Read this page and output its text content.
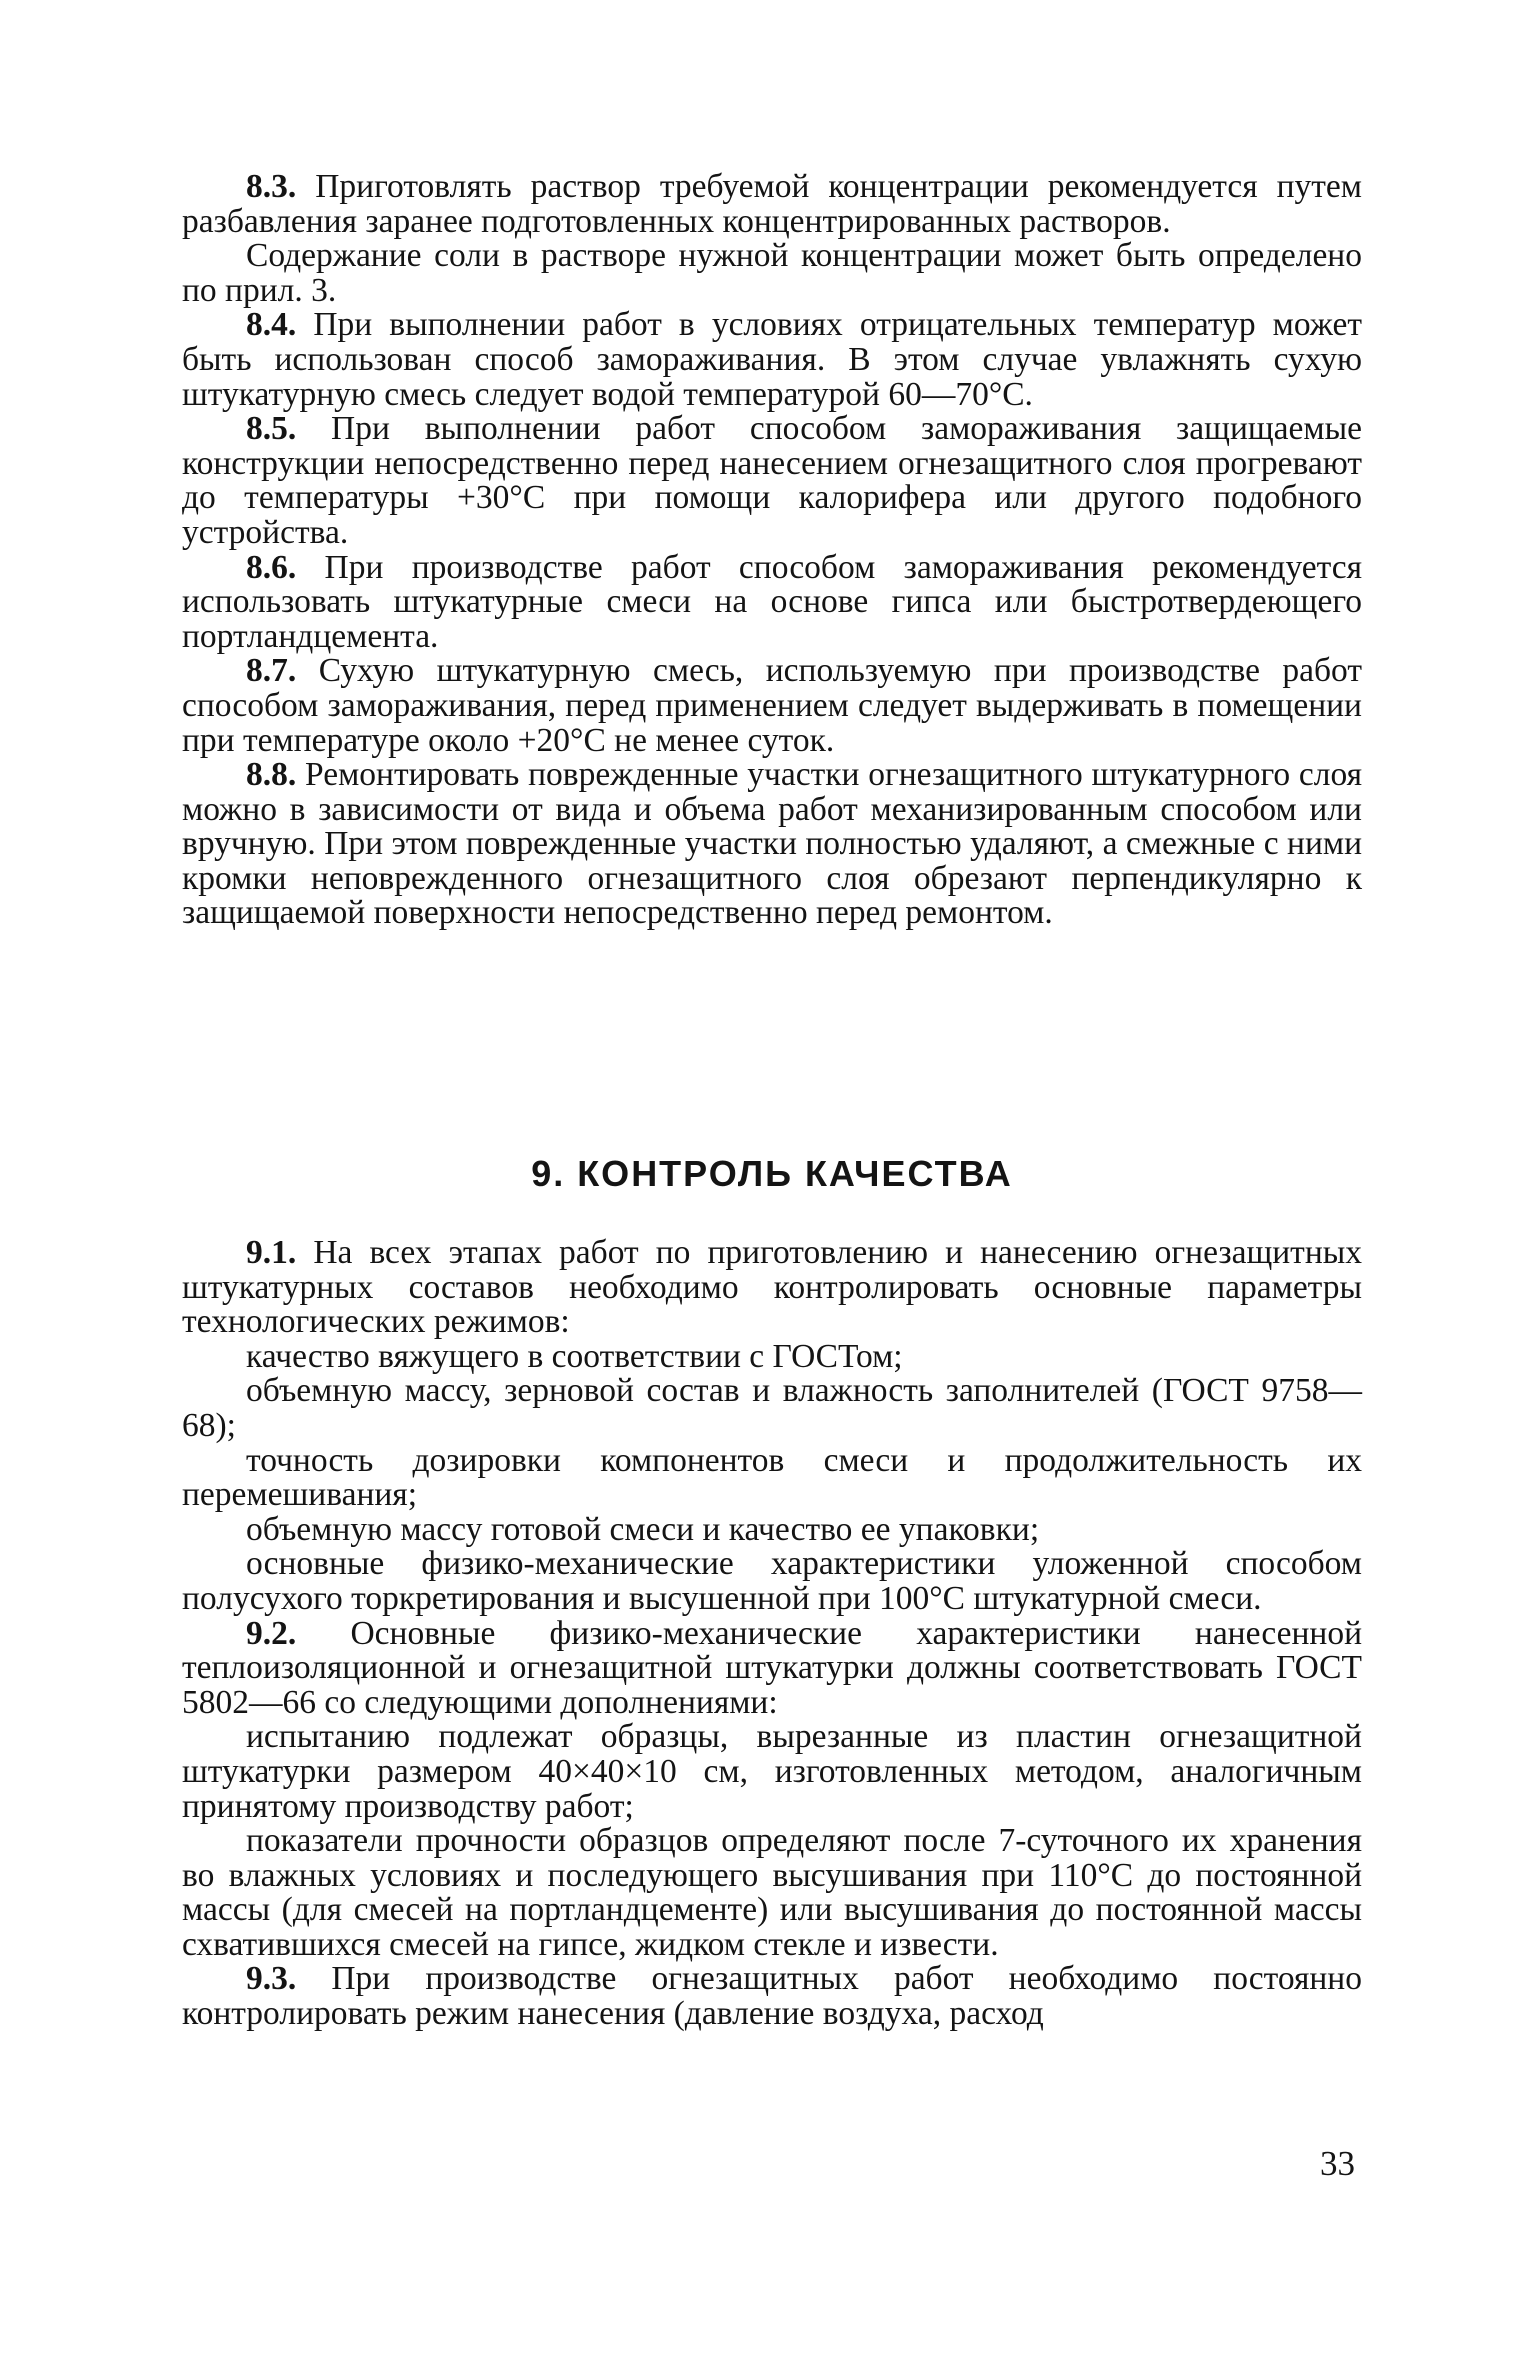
8.3. Приготовлять раствор требуемой концентрации рекомендуется путем разбавления заранее подготовленных концентрированных растворов.

Содержание соли в растворе нужной концентрации может быть определено по прил. 3.

8.4. При выполнении работ в условиях отрицательных температур может быть использован способ замораживания. В этом случае увлажнять сухую штукатурную смесь следует водой температурой 60—70°С.

8.5. При выполнении работ способом замораживания защищаемые конструкции непосредственно перед нанесением огнезащитного слоя прогревают до температуры +30°С при помощи калорифера или другого подобного устройства.

8.6. При производстве работ способом замораживания рекомендуется использовать штукатурные смеси на основе гипса или быстротвердеющего портландцемента.

8.7. Сухую штукатурную смесь, используемую при производстве работ способом замораживания, перед применением следует выдерживать в помещении при температуре около +20°С не менее суток.

8.8. Ремонтировать поврежденные участки огнезащитного штукатурного слоя можно в зависимости от вида и объема работ механизированным способом или вручную. При этом поврежденные участки полностью удаляют, а смежные с ними кромки неповрежденного огнезащитного слоя обрезают перпендикулярно к защищаемой поверхности непосредственно перед ремонтом.

9. КОНТРОЛЬ КАЧЕСТВА

9.1. На всех этапах работ по приготовлению и нанесению огнезащитных штукатурных составов необходимо контролировать основные параметры технологических режимов:

качество вяжущего в соответствии с ГОСТом;

объемную массу, зерновой состав и влажность заполнителей (ГОСТ 9758—68);

точность дозировки компонентов смеси и продолжительность их перемешивания;

объемную массу готовой смеси и качество ее упаковки;

основные физико-механические характеристики уложенной способом полусухого торкретирования и высушенной при 100°С штукатурной смеси.

9.2. Основные физико-механические характеристики нанесенной теплоизоляционной и огнезащитной штукатурки должны соответствовать ГОСТ 5802—66 со следующими дополнениями:

испытанию подлежат образцы, вырезанные из пластин огнезащитной штукатурки размером 40×40×10 см, изготовленных методом, аналогичным принятому производству работ;

показатели прочности образцов определяют после 7-суточного их хранения во влажных условиях и последующего высушивания при 110°С до постоянной массы (для смесей на портландцементе) или высушивания до постоянной массы схватившихся смесей на гипсе, жидком стекле и извести.

9.3. При производстве огнезащитных работ необходимо постоянно контролировать режим нанесения (давление воздуха, расход

33
